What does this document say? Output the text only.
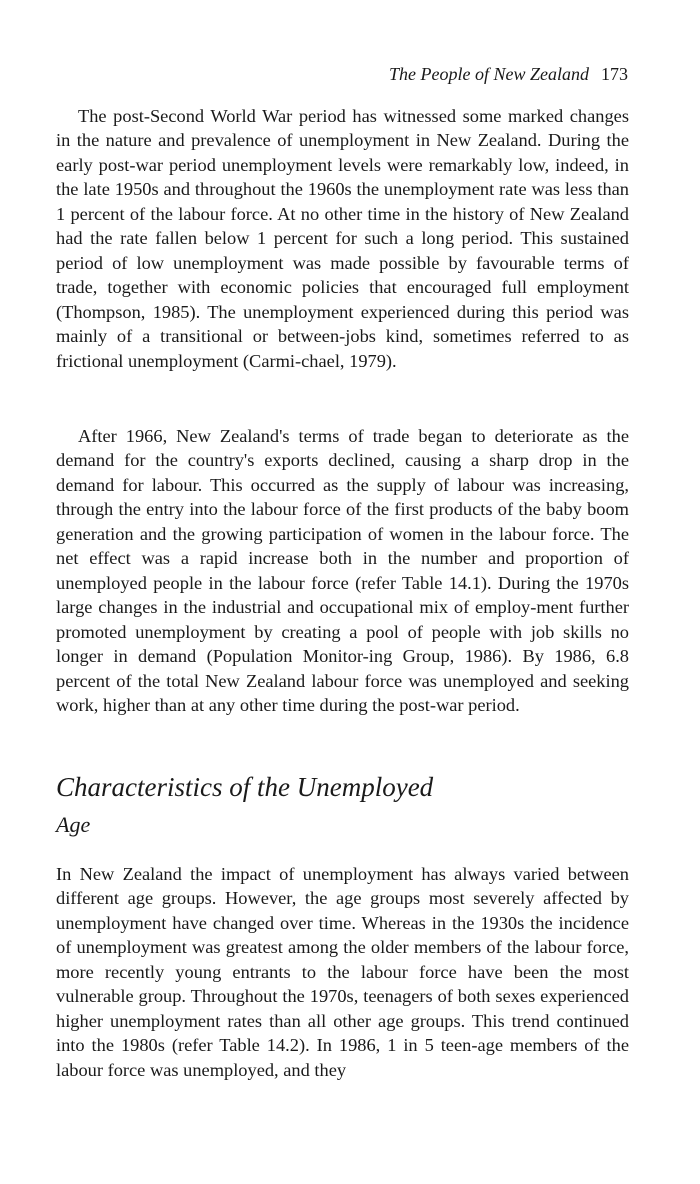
The People of New Zealand 173

The post-Second World War period has witnessed some marked changes in the nature and prevalence of unemployment in New Zealand. During the early post-war period unemployment levels were remarkably low, indeed, in the late 1950s and throughout the 1960s the unemployment rate was less than 1 percent of the labour force. At no other time in the history of New Zealand had the rate fallen below 1 percent for such a long period. This sustained period of low unemployment was made possible by favourable terms of trade, together with economic policies that encouraged full employment (Thompson, 1985). The unemployment experienced during this period was mainly of a transitional or between-jobs kind, sometimes referred to as frictional unemployment (Carmi-chael, 1979).

After 1966, New Zealand's terms of trade began to deteriorate as the demand for the country's exports declined, causing a sharp drop in the demand for labour. This occurred as the supply of labour was increasing, through the entry into the labour force of the first products of the baby boom generation and the growing participation of women in the labour force. The net effect was a rapid increase both in the number and proportion of unemployed people in the labour force (refer Table 14.1). During the 1970s large changes in the industrial and occupational mix of employ-ment further promoted unemployment by creating a pool of people with job skills no longer in demand (Population Monitor-ing Group, 1986). By 1986, 6.8 percent of the total New Zealand labour force was unemployed and seeking work, higher than at any other time during the post-war period.

Characteristics of the Unemployed
Age

In New Zealand the impact of unemployment has always varied between different age groups. However, the age groups most severely affected by unemployment have changed over time. Whereas in the 1930s the incidence of unemployment was greatest among the older members of the labour force, more recently young entrants to the labour force have been the most vulnerable group. Throughout the 1970s, teenagers of both sexes experienced higher unemployment rates than all other age groups. This trend continued into the 1980s (refer Table 14.2). In 1986, 1 in 5 teen-age members of the labour force was unemployed, and they
